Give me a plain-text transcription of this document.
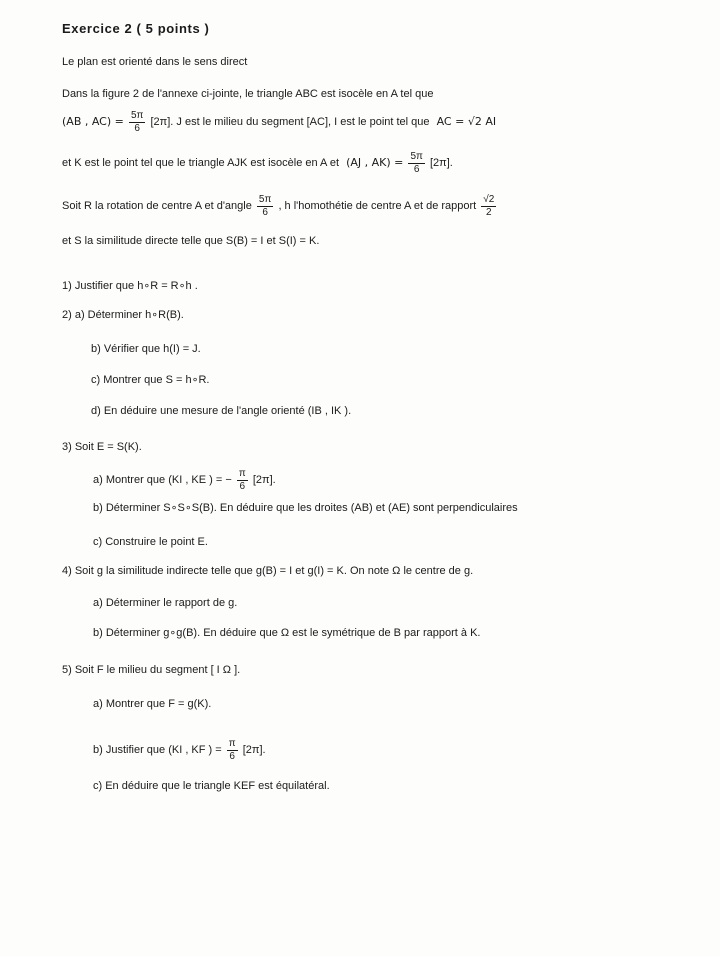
Exercice 2 ( 5 points )
Le plan est orienté dans le sens direct
Dans la figure 2 de l'annexe ci-jointe, le triangle ABC est isocèle en A tel que
(AB , $AC) = \frac{5\pi}{6} [2\pi]$. J est le milieu du segment [AC], I est le point tel que AC = √2 AI
et K est le point tel que le triangle AJK est isocèle en A et (AJ , $AK) = \frac{5\pi}{6} [2\pi]$.
Soit R la rotation de centre A et d'angle $\frac{5\pi}{6}$ , h l'homothétie de centre A et de rapport $\frac{√2}{2}$
et S la similitude directe telle que S(B) = I et S(I) = K.
1) Justifier que h∘R = R∘h .
2) a) Déterminer h∘R(B).
b) Vérifier que h(I) = J.
c) Montrer que S = h∘R.
d) En déduire une mesure de l'angle orienté (IB , IK ).
3) Soit E = S(K).
a) Montrer que (KI , KE ) = − $\frac{\pi}{6} [2\pi]$.
b) Déterminer S∘S∘S(B). En déduire que les droites (AB) et (AE) sont perpendiculaires
c) Construire le point E.
4) Soit g la similitude indirecte telle que g(B) = I et g(I) = K. On note Ω le centre de g.
a) Déterminer le rapport de g.
b) Déterminer g∘g(B). En déduire que Ω est le symétrique de B par rapport à K.
5) Soit F le milieu du segment [ I Ω ].
a) Montrer que F = g(K).
b) Justifier que (KI , KF ) = $\frac{\pi}{6} [2\pi]$.
c) En déduire que le triangle KEF est équilatéral.
